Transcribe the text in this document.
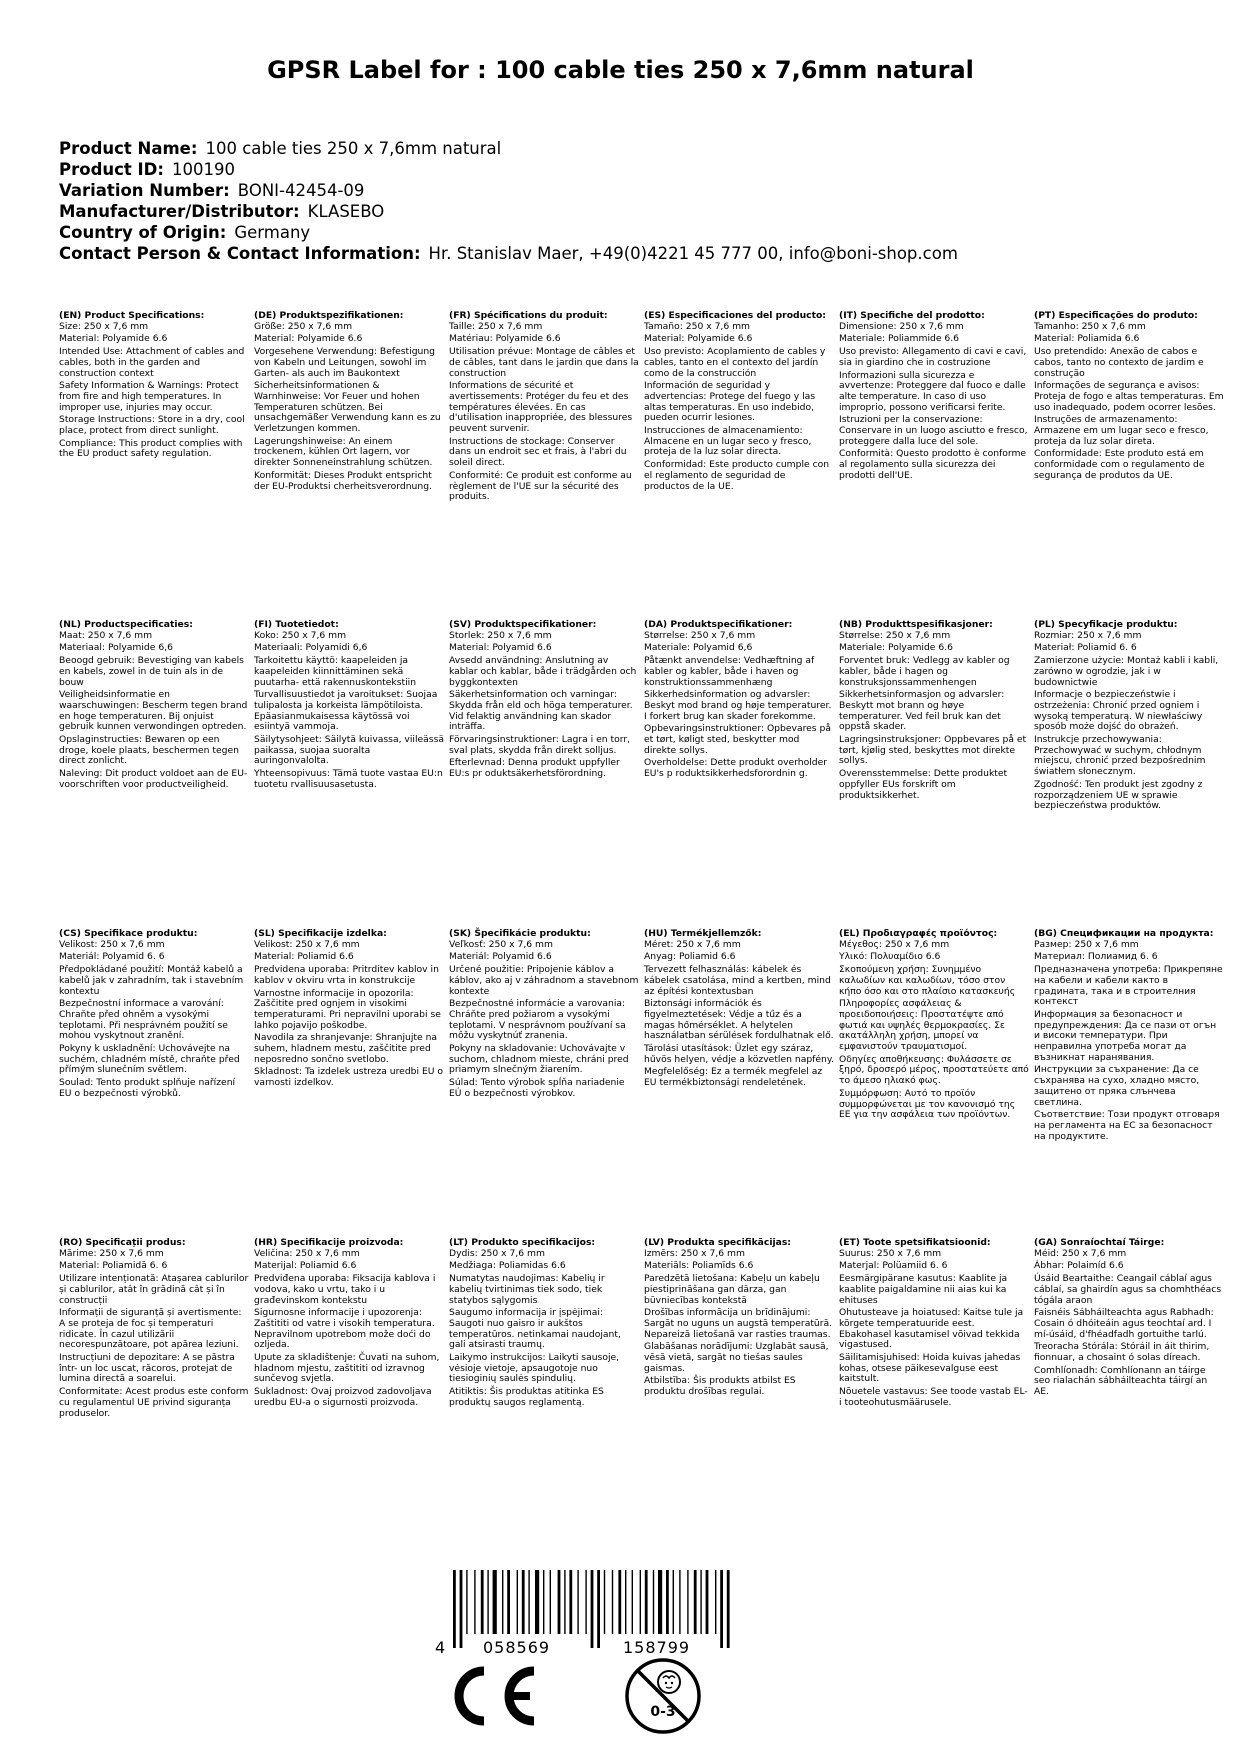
GPSR Label for : 100 cable ties 250 x 7,6mm natural
Product Name: 100 cable ties 250 x 7,6mm natural
Product ID: 100190
Variation Number: BONI-42454-09
Manufacturer/Distributor: KLASEBO
Country of Origin: Germany
Contact Person & Contact Information: Hr. Stanislav Maer, +49(0)4221 45 777 00, info@boni-shop.com
(EN) Product Specifications:

Size: 250 x 7,6 mm

Material: Polyamide 6.6

Intended Use: Attachment of cables and cables, both in the garden and construction context

Safety Information & Warnings: Protect from fire and high temperatures. In improper use, injuries may occur.

Storage Instructions: Store in a dry, cool place, protect from direct sunlight.

Compliance: This product complies with the EU product safety regulation.

(DE) Produktspezifikationen:

Größe: 250 x 7,6 mm

Material: Polyamide 6.6

Vorgesehene Verwendung: Befestigung von Kabeln und Leitungen, sowohl im Garten- als auch im Baukontext

Sicherheitsinformationen & Warnhinweise: Vor Feuer und hohen Temperaturen schützen. Bei unsachgemäßer Verwendung kann es zu Verletzungen kommen.

Lagerungshinweise: An einem trockenem, kühlen Ort lagern, vor direkter Sonneneinstrahlung schützen.

Konformität: Dieses Produkt entspricht der EU-Produktsi cherheitsverordnung.

(FR) Spécifications du produit:

Taille: 250 x 7,6 mm

Matériau: Polyamide 6.6

Utilisation prévue: Montage de câbles et de câbles, tant dans le jardin que dans la construction

Informations de sécurité et avertissements: Protéger du feu et des températures élevées. En cas d'utilisation inappropriée, des blessures peuvent survenir.

Instructions de stockage: Conserver dans un endroit sec et frais, à l'abri du soleil direct.

Conformité: Ce produit est conforme au règlement de l'UE sur la sécurité des produits.

(ES) Especificaciones del producto:

Tamaño: 250 x 7,6 mm

Material: Polyamide 6.6

Uso previsto: Acoplamiento de cables y cables, tanto en el contexto del jardín como de la construcción

Información de seguridad y advertencias: Protege del fuego y las altas temperaturas. En uso indebido, pueden ocurrir lesiones.

Instrucciones de almacenamiento: Almacene en un lugar seco y fresco, proteja de la luz solar directa.

Conformidad: Este producto cumple con el reglamento de seguridad de productos de la UE.

(IT) Specifiche del prodotto:

Dimensione: 250 x 7,6 mm

Materiale: Poliammide 6.6

Uso previsto: Allegamento di cavi e cavi, sia in giardino che in costruzione

Informazioni sulla sicurezza e avvertenze: Proteggere dal fuoco e dalle alte temperature. In caso di uso improprio, possono verificarsi ferite.

Istruzioni per la conservazione: Conservare in un luogo asciutto e fresco, proteggere dalla luce del sole.

Conformità: Questo prodotto è conforme al regolamento sulla sicurezza dei prodotti dell'UE.

(PT) Especificações do produto:

Tamanho: 250 x 7,6 mm

Material: Poliamida 6.6

Uso pretendido: Anexão de cabos e cabos, tanto no contexto de jardim e construção

Informações de segurança e avisos: Proteja de fogo e altas temperaturas. Em uso inadequado, podem ocorrer lesões.

Instruções de armazenamento: Armazene em um lugar seco e fresco, proteja da luz solar direta.

Conformidade: Este produto está em conformidade com o regulamento de segurança de produtos da UE.

(NL) Productspecificaties:

Maat: 250 x 7,6 mm

Materiaal: Polyamide 6,6

Beoogd gebruik: Bevestiging van kabels en kabels, zowel in de tuin als in de bouw

Veiligheidsinformatie en waarschuwingen: Bescherm tegen brand en hoge temperaturen. Bij onjuist gebruik kunnen verwondingen optreden.

Opslaginstructies: Bewaren op een droge, koele plaats, beschermen tegen direct zonlicht.

Naleving: Dit product voldoet aan de EU-voorschriften voor productveiligheid.

(FI) Tuotetiedot:

Koko: 250 x 7,6 mm

Materiaali: Polyamidi 6,6

Tarkoitettu käyttö: kaapeleiden ja kaapeleiden kiinnittäminen sekä puutarha- että rakennuskontekstiin

Turvallisuustiedot ja varoitukset: Suojaa tulipalosta ja korkeista lämpötiloista. Epäasianmukaisessa käytössä voi esiintyä vammoja.

Säilytysohjeet: Säilytä kuivassa, viileässä paikassa, suojaa suoralta auringonvalolta.

Yhteensopivuus: Tämä tuote vastaa EU:n tuotetu rvallisuusasetusta.

(SV) Produktspecifikationer:

Storlek: 250 x 7,6 mm

Material: Polyamid 6.6

Avsedd användning: Anslutning av kablar och kablar, både i trädgården och byggkontexten

Säkerhetsinformation och varningar: Skydda från eld och höga temperaturer. Vid felaktig användning kan skador inträffa.

Förvaringsinstruktioner: Lagra i en torr, sval plats, skydda från direkt solljus.

Efterlevnad: Denna produkt uppfyller EU:s pr oduktsäkerhetsförordning.

(DA) Produktspecifikationer:

Størrelse: 250 x 7,6 mm

Materiale: Polyamid 6,6

Påtænkt anvendelse: Vedhæftning af kabler og kabler, både i haven og konstruktionssammenhæng

Sikkerhedsinformation og advarsler: Beskyt mod brand og høje temperaturer. I forkert brug kan skader forekomme.

Opbevaringsinstruktioner: Opbevares på et tørt, køligt sted, beskytter mod direkte sollys.

Overholdelse: Dette produkt overholder EU's p roduktsikkerhedsforordnin g.

(NB) Produkttspesifikasjoner:

Størrelse: 250 x 7,6 mm

Materiale: Polyamide 6.6

Forventet bruk: Vedlegg av kabler og kabler, både i hagen og konstruksjonssammenhengen

Sikkerhetsinformasjon og advarsler: Beskytt mot brann og høye temperaturer. Ved feil bruk kan det oppstå skader.

Lagringsinstruksjoner: Oppbevares på et tørt, kjølig sted, beskyttes mot direkte sollys.

Overensstemmelse: Dette produktet oppfyller EUs forskrift om produktsikkerhet.

(PL) Specyfikacje produktu:

Rozmiar: 250 x 7,6 mm

Materiał: Poliamid 6. 6

Zamierzone użycie: Montaż kabli i kabli, zarówno w ogrodzie, jak i w budownictwie

Informacje o bezpieczeństwie i ostrzeżenia: Chronić przed ogniem i wysoką temperaturą. W niewłaściwy sposób może dojść do obrażeń.

Instrukcje przechowywania: Przechowywać w suchym, chłodnym miejscu, chronić przed bezpośrednim światłem słonecznym.

Zgodność: Ten produkt jest zgodny z rozporządzeniem UE w sprawie bezpieczeństwa produktów.

(CS) Specifikace produktu:

Velikost: 250 x 7,6 mm

Materiál: Polyamid 6. 6

Předpokládané použití: Montáž kabelů a kabelů jak v zahradním, tak i stavebním kontextu

Bezpečnostní informace a varování: Chraňte před ohněm a vysokými teplotami. Při nesprávném použití se mohou vyskytnout zranění.

Pokyny k uskladnění: Uchovávejte na suchém, chladném místě, chraňte před přímým slunečním světlem.

Soulad: Tento produkt splňuje nařízení EU o bezpečnosti výrobků.

(SL) Specifikacije izdelka:

Velikost: 250 x 7,6 mm

Material: Poliamid 6.6

Predvidena uporaba: Pritrditev kablov in kablov v okviru vrta in konstrukcije

Varnostne informacije in opozorila: Zaščitite pred ognjem in visokimi temperaturami. Pri nepravilni uporabi se lahko pojavijo poškodbe.

Navodila za shranjevanje: Shranjujte na suhem, hladnem mestu, zaščitite pred neposredno sončno svetlobo.

Skladnost: Ta izdelek ustreza uredbi EU o varnosti izdelkov.

(SK) Špecifikácie produktu:

Veľkosť: 250 x 7,6 mm

Materiál: Polyamid 6.6

Určené použitie: Pripojenie káblov a káblov, ako aj v záhradnom a stavebnom kontexte

Bezpečnostné informácie a varovania: Chráňte pred požiarom a vysokými teplotami. V nesprávnom používaní sa môžu vyskytnúť zranenia.

Pokyny na skladovanie: Uchovávajte v suchom, chladnom mieste, chráni pred priamym slnečným žiarením.

Súlad: Tento výrobok spĺňa nariadenie EÚ o bezpečnosti výrobkov.

(HU) Termékjellemzők:

Méret: 250 x 7,6 mm

Anyag: Poliamid 6.6

Tervezett felhasználás: kábelek és kábelek csatolása, mind a kertben, mind az építési kontextusban

Biztonsági információk és figyelmeztetések: Védje a tűz és a magas hőmérséklet. A helytelen használatban sérülések fordulhatnak elő.

Tárolási utasítások: Üzlet egy száraz, hűvös helyen, védje a közvetlen napfény.

Megfelelőség: Ez a termék megfelel az EU termékbiztonsági rendeletének.

(EL) Προδιαγραφές προϊόντος:

Μέγεθος: 250 x 7,6 mm

Υλικό: Πολυαμίδιο 6.6

Σκοπούμενη χρήση: Συνημμένο καλωδίων και καλωδίων, τόσο στον κήπο όσο και στο πλαίσιο κατασκευής

Πληροφορίες ασφάλειας & προειδοποιήσεις: Προστατέψτε από φωτιά και υψηλές θερμοκρασίες. Σε ακατάλληλη χρήση, μπορεί να εμφανιστούν τραυματισμοί.

Οδηγίες αποθήκευσης: Φυλάσσετε σε ξηρό, δροσερό μέρος, προστατεύετε από το άμεσο ηλιακό φως.

Συμμόρφωση: Αυτό το προϊόν συμμορφώνεται με τον κανονισμό της ΕΕ για την ασφάλεια των προϊόντων.

(BG) Спецификации на продукта:

Размер: 250 x 7,6 mm

Материал: Полиамид 6. 6

Предназначена употреба: Прикрепяне на кабели и кабели както в градината, така и в строителния контекст

Информация за безопасност и предупреждения: Да се пази от огън и високи температури. При неправилна употреба могат да възникнат наранявания.

Инструкции за съхранение: Да се съхранява на сухо, хладно място, защитено от пряка слънчева светлина.

Съответствие: Този продукт отговаря на регламента на ЕС за безопасност на продуктите.

(RO) Specificații produs:

Mărime: 250 x 7,6 mm

Material: Poliamidă 6. 6

Utilizare intenționată: Atașarea cablurilor și cablurilor, atât în grădină cât și în construcții

Informații de siguranță și avertismente: A se proteja de foc și temperaturi ridicate. În cazul utilizării necorespunzătoare, pot apărea leziuni.

Instrucțiuni de depozitare: A se păstra într- un loc uscat, răcoros, protejat de lumina directă a soarelui.

Conformitate: Acest produs este conform cu regulamentul UE privind siguranța produselor.

(HR) Specifikacije proizvoda:

Veličina: 250 x 7,6 mm

Materijal: Poliamid 6.6

Predviđena uporaba: Fiksacija kablova i vodova, kako u vrtu, tako i u građevinskom kontekstu

Sigurnosne informacije i upozorenja: Zaštititi od vatre i visokih temperatura. Nepravilnom upotrebom može doći do ozljeda.

Upute za skladištenje: Čuvati na suhom, hladnom mjestu, zaštititi od izravnog sunčevog svjetla.

Sukladnost: Ovaj proizvod zadovoljava uredbu EU-a o sigurnosti proizvoda.

(LT) Produkto specifikacijos:

Dydis: 250 x 7,6 mm

Medžiaga: Poliamidas 6.6

Numatytas naudojimas: Kabelių ir kabelių tvirtinimas tiek sodo, tiek statybos sąlygomis

Saugumo informacija ir įspėjimai: Saugoti nuo gaisro ir aukštos temperatūros. netinkamai naudojant, gali atsirasti traumų.

Laikymo instrukcijos: Laikyti sausoje, vėsioje vietoje, apsaugotoje nuo tiesioginių saulės spindulių.

Atitiktis: Šis produktas atitinka ES produktų saugos reglamentą.

(LV) Produkta specifikācijas:

Izmērs: 250 x 7,6 mm

Materiāls: Poliamīds 6.6

Paredzētā lietošana: Kabeļu un kabeļu piestiprināšana gan dārza, gan būvniecības kontekstā

Drošības informācija un brīdinājumi: Sargāt no uguns un augstā temperatūrā. Nepareizā lietošanā var rasties traumas.

Glabāšanas norādījumi: Uzglabāt sausā, vēsā vietā, sargāt no tiešas saules gaismas.

Atbilstība: Šis produkts atbilst ES produktu drošības regulai.

(ET) Toote spetsifikatsioonid:

Suurus: 250 x 7,6 mm

Materjal: Polüamiid 6. 6

Eesmärgipärane kasutus: Kaablite ja kaablite paigaldamine nii aias kui ka ehituses

Ohutusteave ja hoiatused: Kaitse tule ja kõrgete temperatuuride eest. Ebakohasel kasutamisel võivad tekkida vigastused.

Säilitamisjuhised: Hoida kuivas jahedas kohas, otsese päikesevalguse eest kaitstult.

Nõuetele vastavus: See toode vastab EL-i tooteohutusmäärusele.

(GA) Sonraíochtaí Táirge:

Méid: 250 x 7,6 mm

Ábhar: Polaimíd 6.6

Úsáid Beartaithe: Ceangail cáblaí agus cáblaí, sa ghairdín agus sa chomhthéacs tógála araon

Faisnéis Sábháilteachta agus Rabhadh: Cosain ó dhóiteáin agus teochtaí ard. I mí-úsáid, d'fhéadfadh gortuithe tarlú.

Treoracha Stórála: Stóráil in áit thirim, fionnuar, a chosaint ó solas díreach.

Comhlíonadh: Comhlíonann an táirge seo rialachán sábháilteachta táirgí an AE.

4 058569	158799
0-3
